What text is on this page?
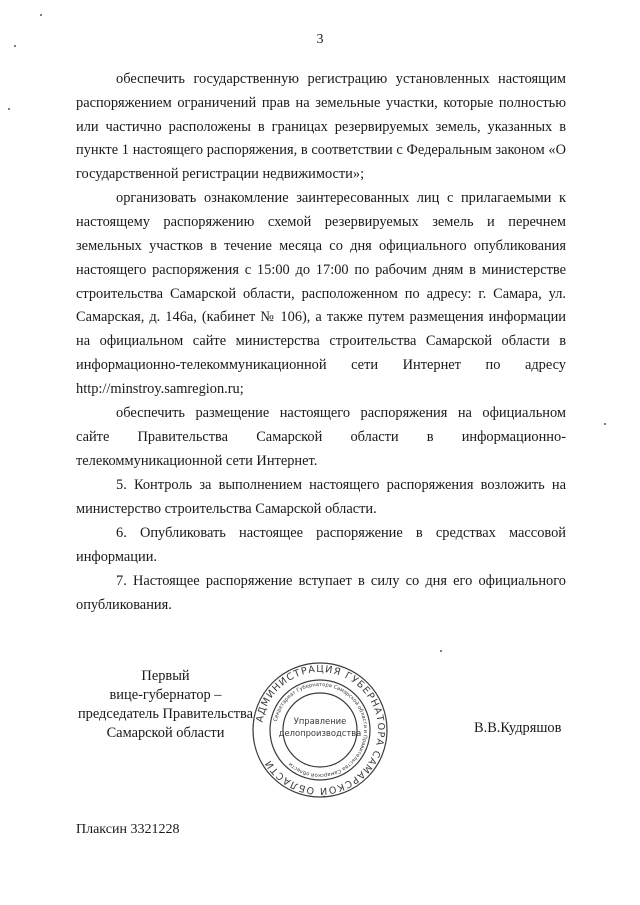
3

обеспечить государственную регистрацию установленных настоящим распоряжением ограничений прав на земельные участки, которые полностью или частично расположены в границах резервируемых земель, указанных в пункте 1 настоящего распоряжения, в соответствии с Федеральным законом «О государственной регистрации недвижимости»;

организовать ознакомление заинтересованных лиц с прилагаемыми к настоящему распоряжению схемой резервируемых земель и перечнем земельных участков в течение месяца со дня официального опубликования настоящего распоряжения с 15:00 до 17:00 по рабочим дням в министерстве строительства Самарской области, расположенном по адресу: г. Самара, ул. Самарская, д. 146а, (кабинет № 106), а также путем размещения информации на официальном сайте министерства строительства Самарской области в информационно-телекоммуникационной сети Интернет по адресу http://minstroy.samregion.ru;

обеспечить размещение настоящего распоряжения на официальном сайте Правительства Самарской области в информационно-телекоммуникационной сети Интернет.

5. Контроль за выполнением настоящего распоряжения возложить на министерство строительства Самарской области.

6. Опубликовать настоящее распоряжение в средствах массовой информации.

7. Настоящее распоряжение вступает в силу со дня его официального опубликования.

Первый
вице-губернатор –
председатель Правительства
Самарской области
АДМИНИСТРАЦИЯ ГУБЕРНАТОРА САМАРСКОЙ ОБЛАСТИ
Секретариат Губернатора Самарской области и Правительства Самарской области
Управление
делопроизводства	В.В.Кудряшов
Плаксин 3321228
